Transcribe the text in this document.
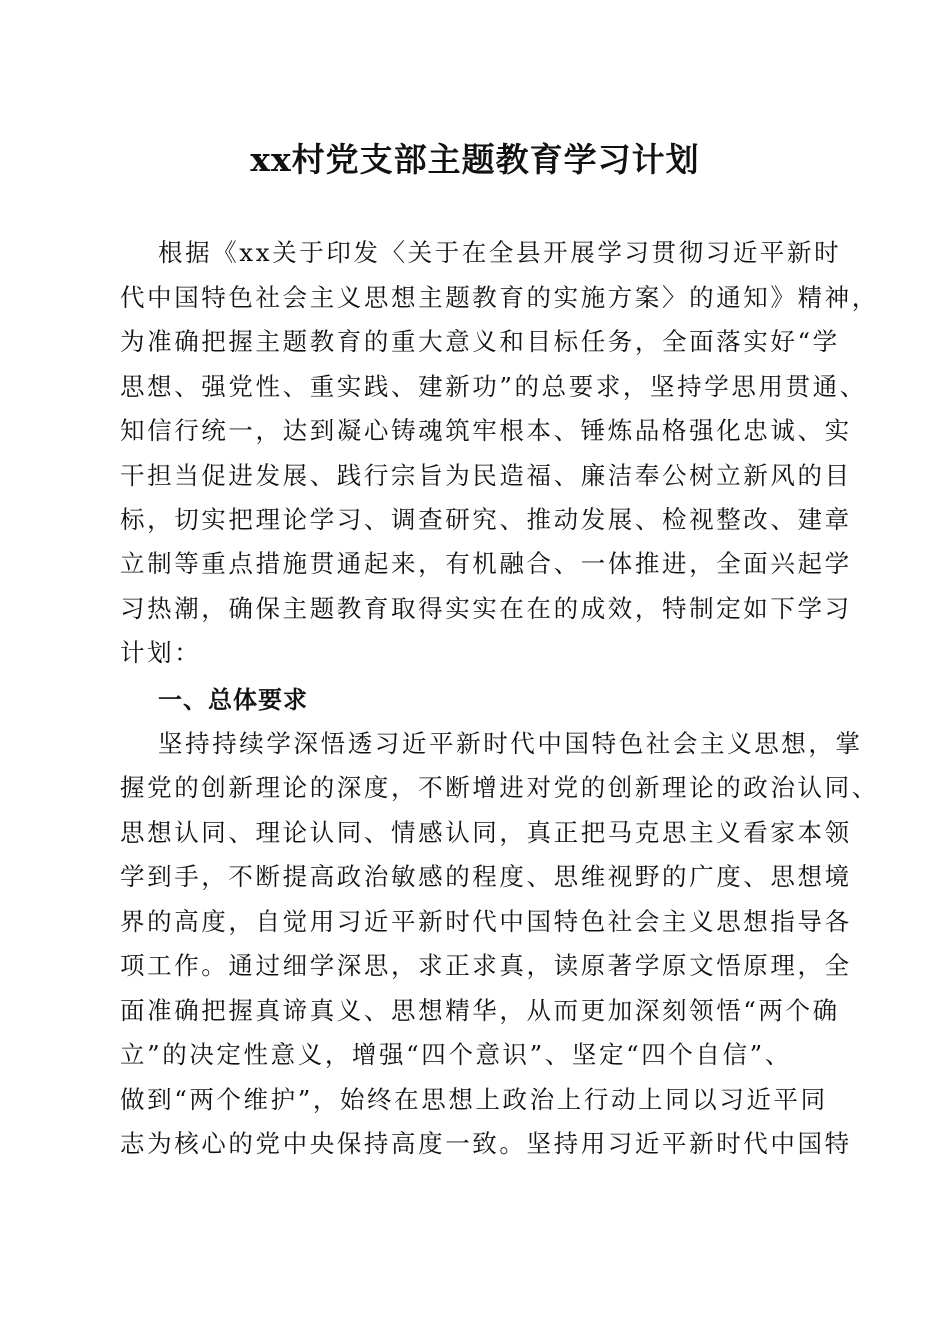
xx村党支部主题教育学习计划
根据《xx关于印发〈关于在全县开展学习贯彻习近平新时
代中国特色社会主义思想主题教育的实施方案〉的通知》精神，
为准确把握主题教育的重大意义和目标任务，全面落实好“学
思想、强党性、重实践、建新功”的总要求，坚持学思用贯通、
知信行统一，达到凝心铸魂筑牢根本、锤炼品格强化忠诚、实
干担当促进发展、践行宗旨为民造福、廉洁奉公树立新风的目
标，切实把理论学习、调查研究、推动发展、检视整改、建章
立制等重点措施贯通起来，有机融合、一体推进，全面兴起学
习热潮，确保主题教育取得实实在在的成效，特制定如下学习
计划：
一、总体要求
坚持持续学深悟透习近平新时代中国特色社会主义思想，掌
握党的创新理论的深度，不断增进对党的创新理论的政治认同、
思想认同、理论认同、情感认同，真正把马克思主义看家本领
学到手，不断提高政治敏感的程度、思维视野的广度、思想境
界的高度，自觉用习近平新时代中国特色社会主义思想指导各
项工作。通过细学深思，求正求真，读原著学原文悟原理，全
面准确把握真谛真义、思想精华，从而更加深刻领悟“两个确
立”的决定性意义，增强“四个意识”、坚定“四个自信”、
做到“两个维护”，始终在思想上政治上行动上同以习近平同
志为核心的党中央保持高度一致。坚持用习近平新时代中国特
